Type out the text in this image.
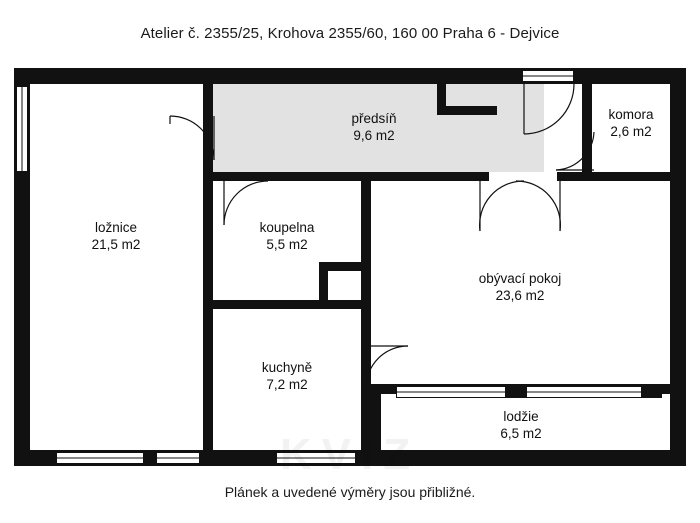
Atelier č. 2355/25, Krohova 2355/60, 160 00 Praha 6 - Dejvice
předsíň
9,6 m2
komora
2,6 m2
ložnice
21,5 m2
koupelna
5,5 m2
obývací pokoj
23,6 m2
kuchyně
7,2 m2
lodžie
6,5 m2
Plánek a uvedené výměry jsou přibližné.
